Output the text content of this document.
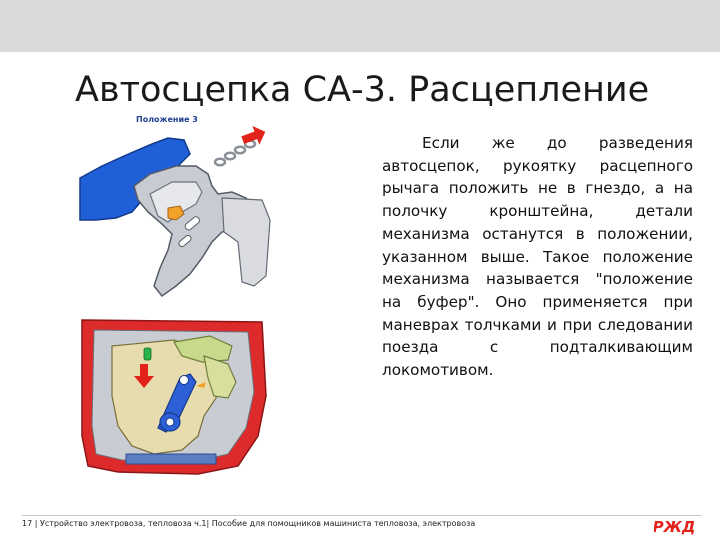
Автосцепка СА-3. Расцепление
Положение 3

Если же до разведения автосцепок, рукоятку расцепного рычага положить не в гнездо, а на полочку кронштейна, детали механизма останутся в положении, указанном выше. Такое положение механизма называется "положение на буфер". Оно применяется при маневрах толчками и при следовании поезда с подталкивающим локомотивом.

17 | Устройство электровоза, тепловоза ч.1| Пособие для помощников машиниста тепловоза, электровоза	РЖД
